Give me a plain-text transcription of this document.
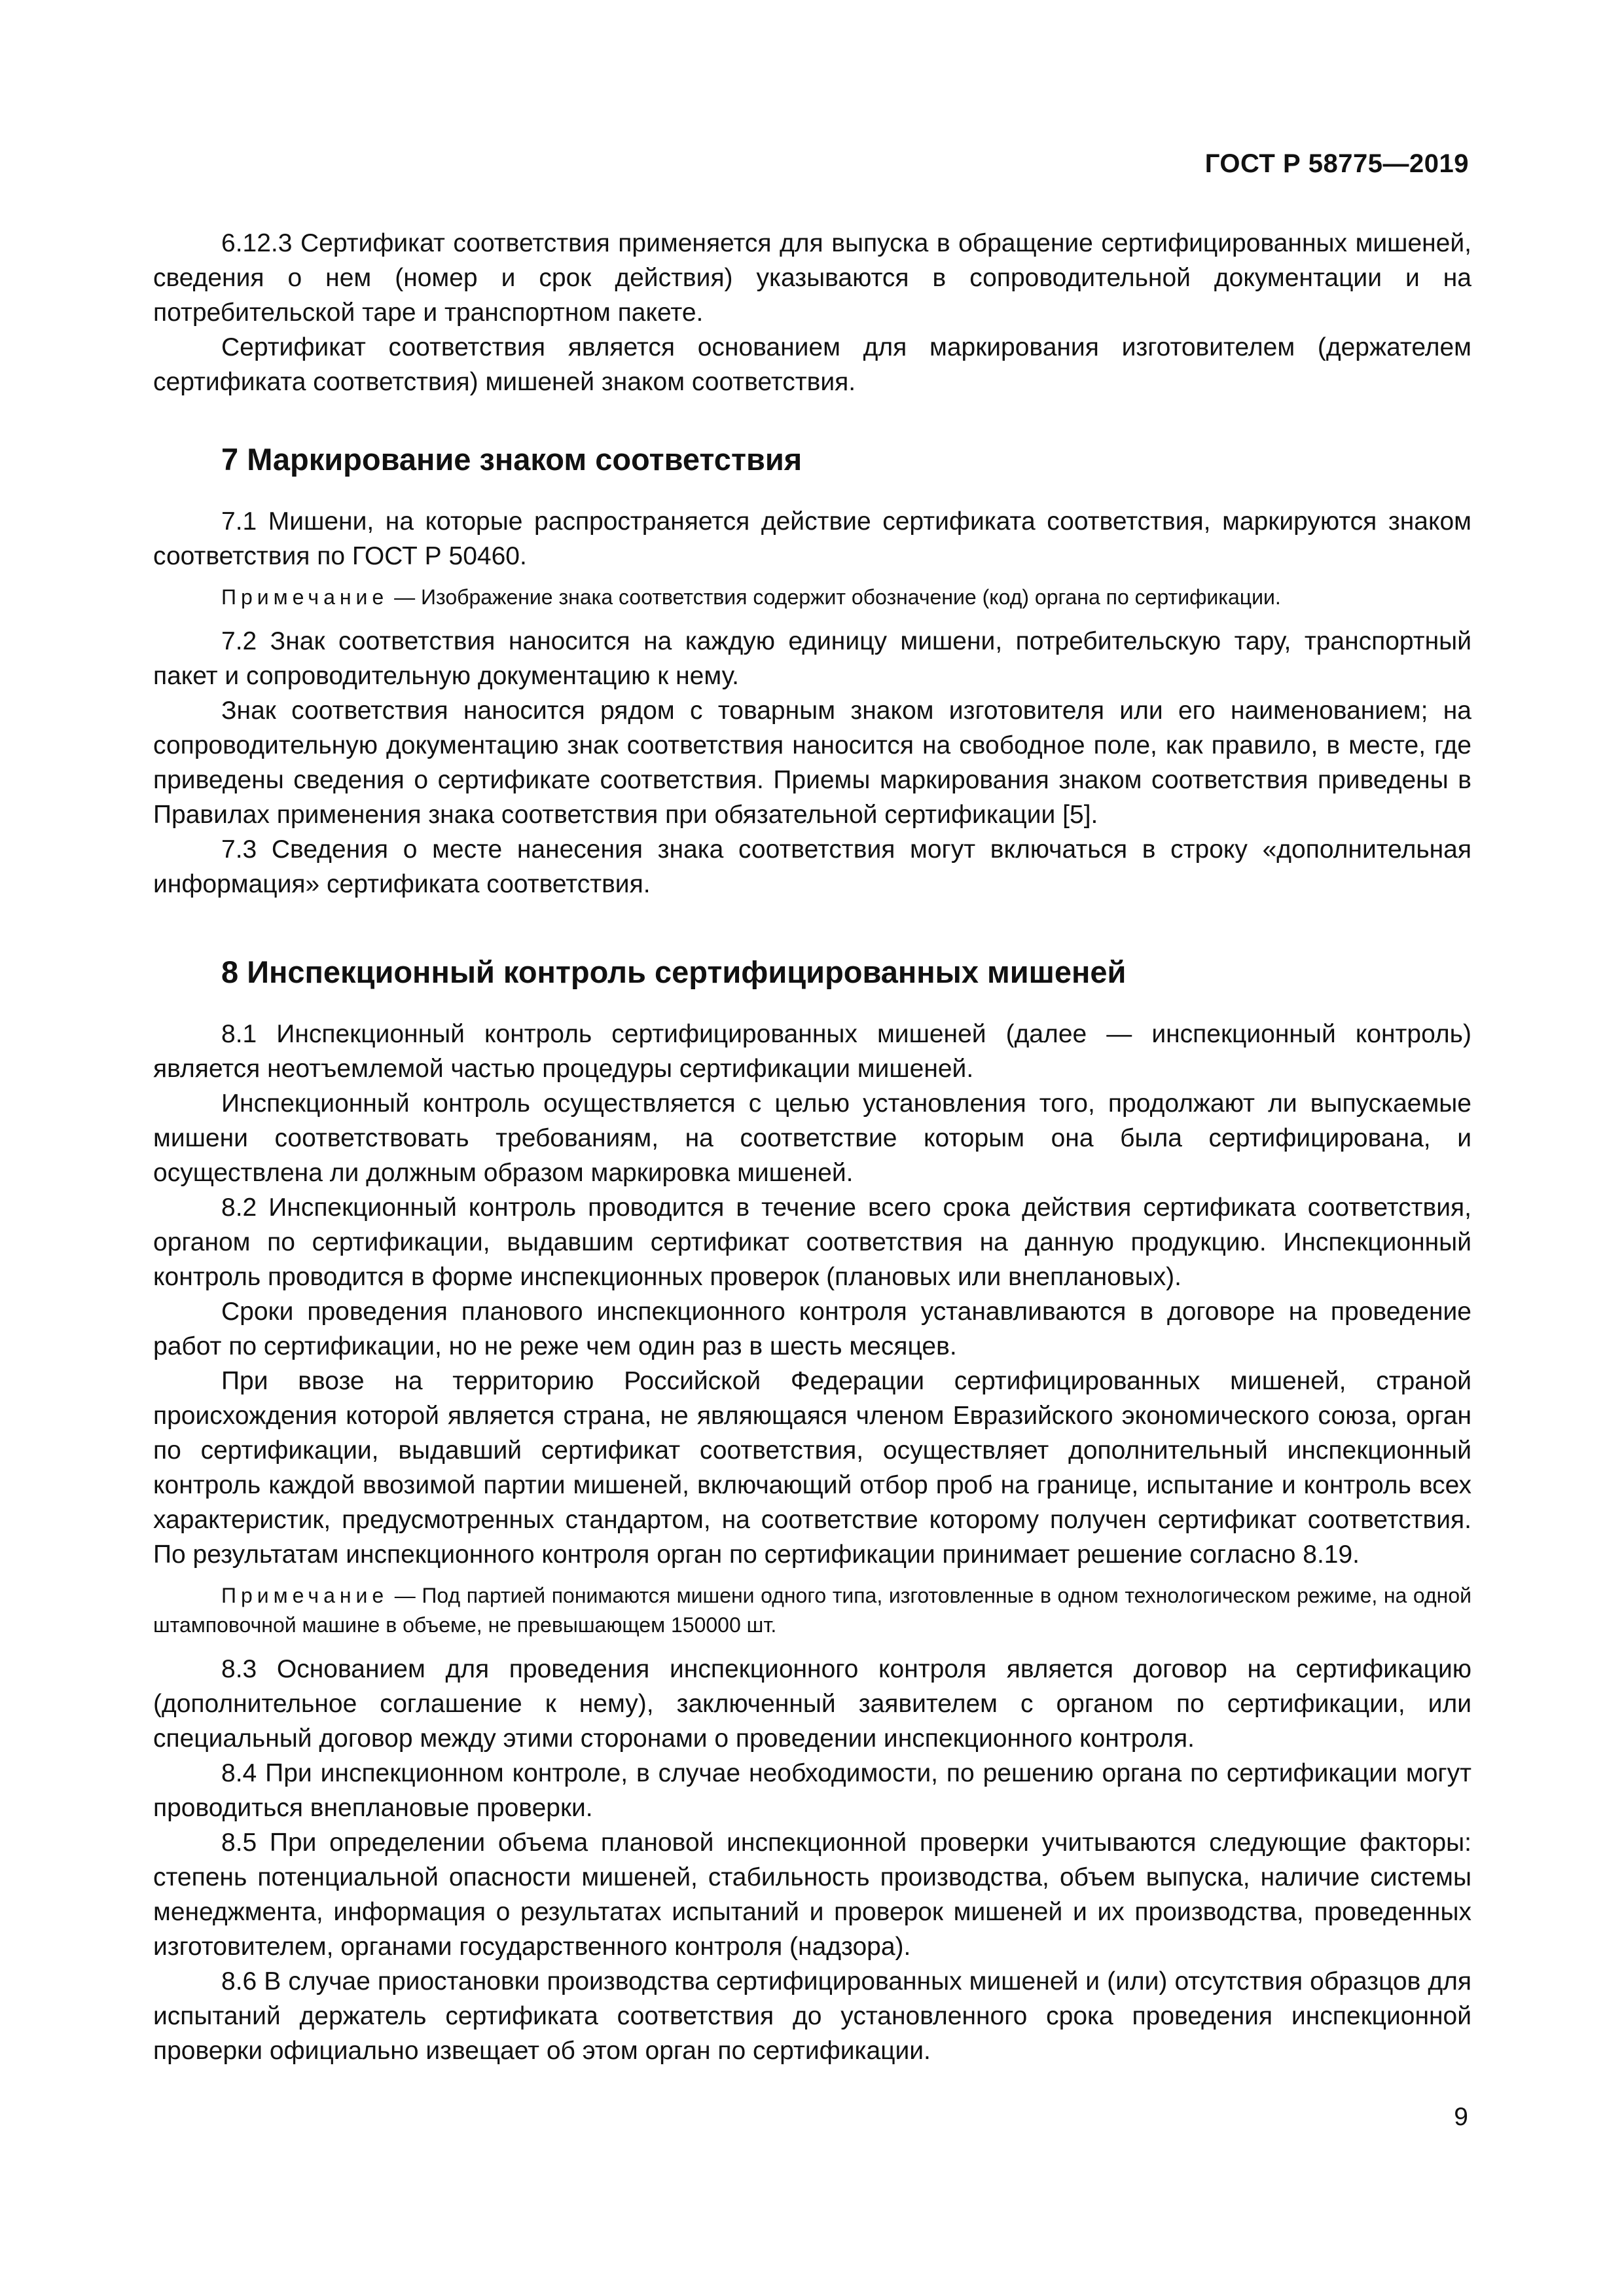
ГОСТ Р 58775—2019

6.12.3 Сертификат соответствия применяется для выпуска в обращение сертифицированных мишеней, сведения о нем (номер и срок действия) указываются в сопроводительной документации и на потребительской таре и транспортном пакете.

Сертификат соответствия является основанием для маркирования изготовителем (держателем сертификата соответствия) мишеней знаком соответствия.

7 Маркирование знаком соответствия

7.1 Мишени, на которые распространяется действие сертификата соответствия, маркируются знаком соответствия по ГОСТ Р 50460.

Примечание — Изображение знака соответствия содержит обозначение (код) органа по сертификации.

7.2 Знак соответствия наносится на каждую единицу мишени, потребительскую тару, транспортный пакет и сопроводительную документацию к нему.

Знак соответствия наносится рядом с товарным знаком изготовителя или его наименованием; на сопроводительную документацию знак соответствия наносится на свободное поле, как правило, в месте, где приведены сведения о сертификате соответствия. Приемы маркирования знаком соответствия приведены в Правилах применения знака соответствия при обязательной сертификации [5].

7.3 Сведения о месте нанесения знака соответствия могут включаться в строку «дополнительная информация» сертификата соответствия.

8 Инспекционный контроль сертифицированных мишеней

8.1 Инспекционный контроль сертифицированных мишеней (далее — инспекционный контроль) является неотъемлемой частью процедуры сертификации мишеней.

Инспекционный контроль осуществляется с целью установления того, продолжают ли выпускаемые мишени соответствовать требованиям, на соответствие которым она была сертифицирована, и осуществлена ли должным образом маркировка мишеней.

8.2 Инспекционный контроль проводится в течение всего срока действия сертификата соответствия, органом по сертификации, выдавшим сертификат соответствия на данную продукцию. Инспекционный контроль проводится в форме инспекционных проверок (плановых или внеплановых).

Сроки проведения планового инспекционного контроля устанавливаются в договоре на проведение работ по сертификации, но не реже чем один раз в шесть месяцев.

При ввозе на территорию Российской Федерации сертифицированных мишеней, страной происхождения которой является страна, не являющаяся членом Евразийского экономического союза, орган по сертификации, выдавший сертификат соответствия, осуществляет дополнительный инспекционный контроль каждой ввозимой партии мишеней, включающий отбор проб на границе, испытание и контроль всех характеристик, предусмотренных стандартом, на соответствие которому получен сертификат соответствия. По результатам инспекционного контроля орган по сертификации принимает решение согласно 8.19.

Примечание — Под партией понимаются мишени одного типа, изготовленные в одном технологическом режиме, на одной штамповочной машине в объеме, не превышающем 150000 шт.

8.3 Основанием для проведения инспекционного контроля является договор на сертификацию (дополнительное соглашение к нему), заключенный заявителем с органом по сертификации, или специальный договор между этими сторонами о проведении инспекционного контроля.

8.4 При инспекционном контроле, в случае необходимости, по решению органа по сертификации могут проводиться внеплановые проверки.

8.5 При определении объема плановой инспекционной проверки учитываются следующие факторы: степень потенциальной опасности мишеней, стабильность производства, объем выпуска, наличие системы менеджмента, информация о результатах испытаний и проверок мишеней и их производства, проведенных изготовителем, органами государственного контроля (надзора).

8.6 В случае приостановки производства сертифицированных мишеней и (или) отсутствия образцов для испытаний держатель сертификата соответствия до установленного срока проведения инспекционной проверки официально извещает об этом орган по сертификации.

9
